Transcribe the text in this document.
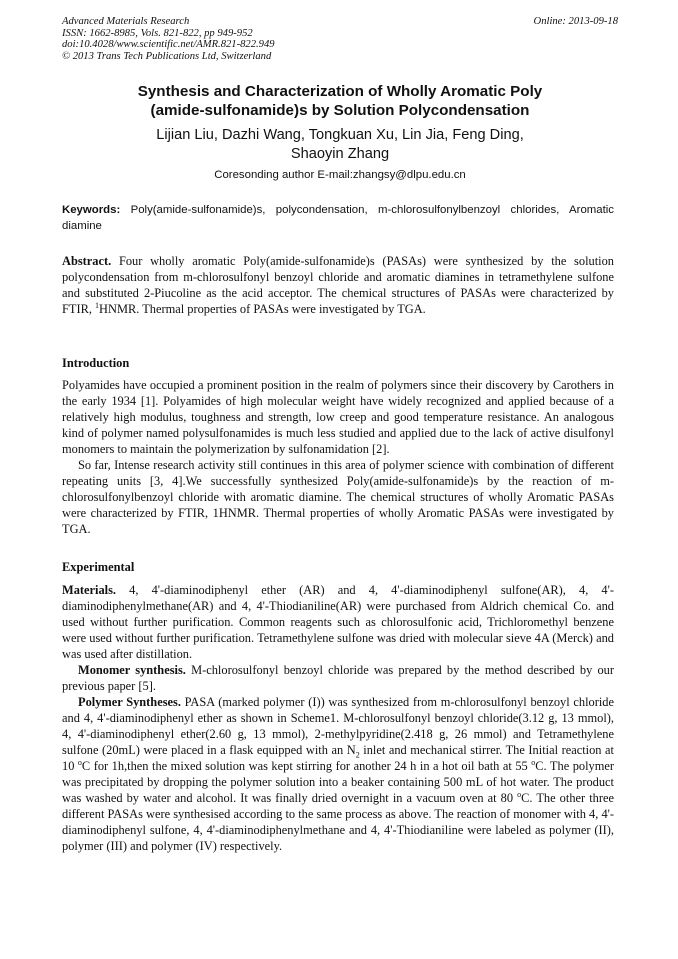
Advanced Materials Research
ISSN: 1662-8985, Vols. 821-822, pp 949-952
doi:10.4028/www.scientific.net/AMR.821-822.949
© 2013 Trans Tech Publications Ltd, Switzerland
Online: 2013-09-18
Synthesis and Characterization of Wholly Aromatic Poly
(amide-sulfonamide)s by Solution Polycondensation
Lijian Liu, Dazhi Wang, Tongkuan Xu, Lin Jia, Feng Ding,
Shaoyin Zhang
Coresonding author E-mail:zhangsy@dlpu.edu.cn
Keywords: Poly(amide-sulfonamide)s, polycondensation, m-chlorosulfonylbenzoyl chlorides, Aromatic diamine

Abstract. Four wholly aromatic Poly(amide-sulfonamide)s (PASAs) were synthesized by the solution polycondensation from m-chlorosulfonyl benzoyl chloride and aromatic diamines in tetramethylene sulfone and substituted 2-Piucoline as the acid acceptor. The chemical structures of PASAs were characterized by FTIR, $^1$HNMR. Thermal properties of PASAs were investigated by TGA.

Introduction

Polyamides have occupied a prominent position in the realm of polymers since their discovery by Carothers in the early 1934 [1]. Polyamides of high molecular weight have widely recognized and applied because of a relatively high modulus, toughness and strength, low creep and good temperature resistance. An analogous kind of polymer named polysulfonamides is much less studied and applied due to the lack of active disulfonyl monomers to maintain the polymerization by sulfonamidation [2].

So far, Intense research activity still continues in this area of polymer science with combination of different repeating units [3, 4].We successfully synthesized Poly(amide-sulfonamide)s by the reaction of m-chlorosulfonylbenzoyl chloride with aromatic diamine. The chemical structures of wholly Aromatic PASAs were characterized by FTIR, 1HNMR. Thermal properties of wholly Aromatic PASAs were investigated by TGA.

Experimental

Materials. 4, 4'-diaminodiphenyl ether (AR) and 4, 4'-diaminodiphenyl sulfone(AR), 4, 4'-diaminodiphenylmethane(AR) and 4, 4'-Thiodianiline(AR) were purchased from Aldrich chemical Co. and used without further purification. Common reagents such as chlorosulfonic acid, Trichloromethyl benzene were used without further purification. Tetramethylene sulfone was dried with molecular sieve 4A (Merck) and was used after distillation.

Monomer synthesis. M-chlorosulfonyl benzoyl chloride was prepared by the method described by our previous paper [5].

Polymer Syntheses. PASA (marked polymer (I)) was synthesized from m-chlorosulfonyl benzoyl chloride and 4, 4'-diaminodiphenyl ether as shown in Scheme1. M-chlorosulfonyl benzoyl chloride(3.12 g, 13 mmol), 4, 4'-diaminodiphenyl ether(2.60 g, 13 mmol), 2-methylpyridine(2.418 g, 26 mmol) and Tetramethylene sulfone (20mL) were placed in a flask equipped with an $N_2$ inlet and mechanical stirrer. The Initial reaction at 10 $^o$C for 1h,then the mixed solution was kept stirring for another 24 h in a hot oil bath at 55 $^o$C. The polymer was precipitated by dropping the polymer solution into a beaker containing 500 mL of hot water. The product was washed by water and alcohol. It was finally dried overnight in a vacuum oven at 80 $^o$C. The other three different PASAs were synthesised according to the same process as above. The reaction of monomer with 4, 4'-diaminodiphenyl sulfone, 4, 4'-diaminodiphenylmethane and 4, 4'-Thiodianiline were labeled as polymer (II), polymer (III) and polymer (IV) respectively.
